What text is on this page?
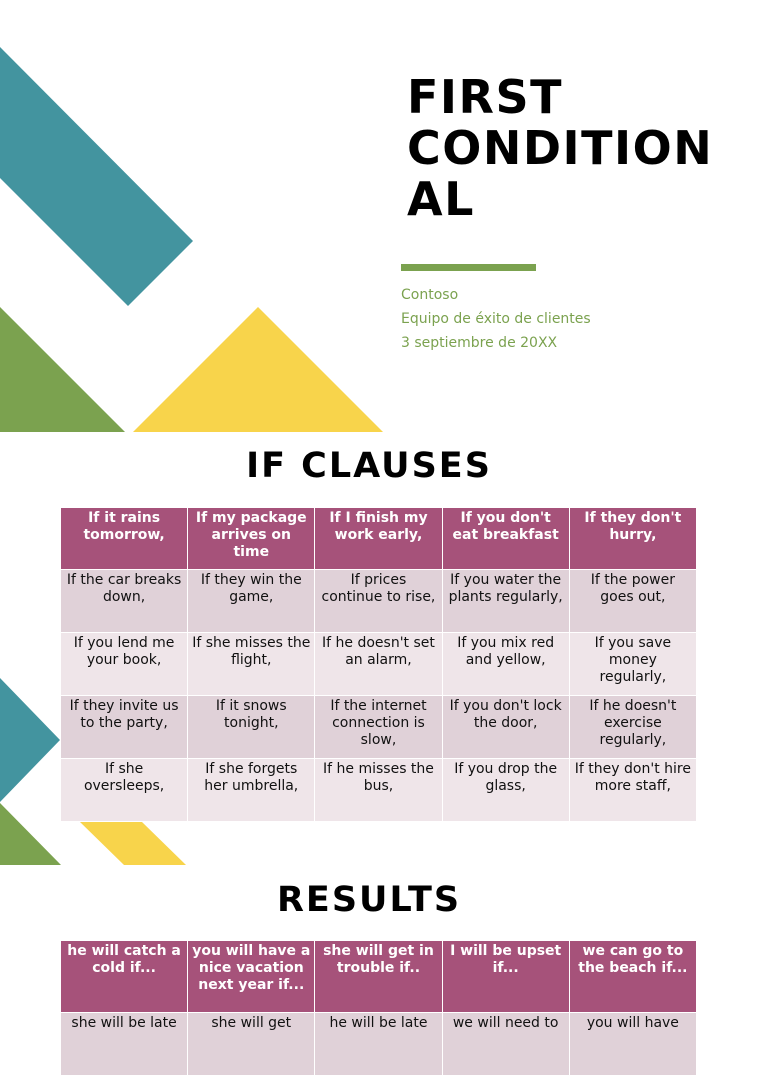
FIRST
CONDITION
AL
Contoso
Equipo de éxito de clientes
3 septiembre de 20XX
IF CLAUSES
If it rains tomorrow,	If my package arrives on time	If I finish my work early,	If you don't eat breakfast	If they don't hurry,
If the car breaks down,	If they win the game,	If prices continue to rise,	If you water the plants regularly,	If the power goes out,
If you lend me your book,	If she misses the flight,	If he doesn't set an alarm,	If you mix red and yellow,	If you save money regularly,
If they invite us to the party,	If it snows tonight,	If the internet connection is slow,	If you don't lock the door,	If he doesn't exercise regularly,
If she oversleeps,	If she forgets her umbrella,	If he misses the bus,	If you drop the glass,	If they don't hire more staff,
RESULTS
he will catch a cold if...	you will have a nice vacation next year if...	she will get in trouble if..	I will be upset if...	we can go to the beach if...
she will be late	she will get	he will be late	we will need to	you will have
